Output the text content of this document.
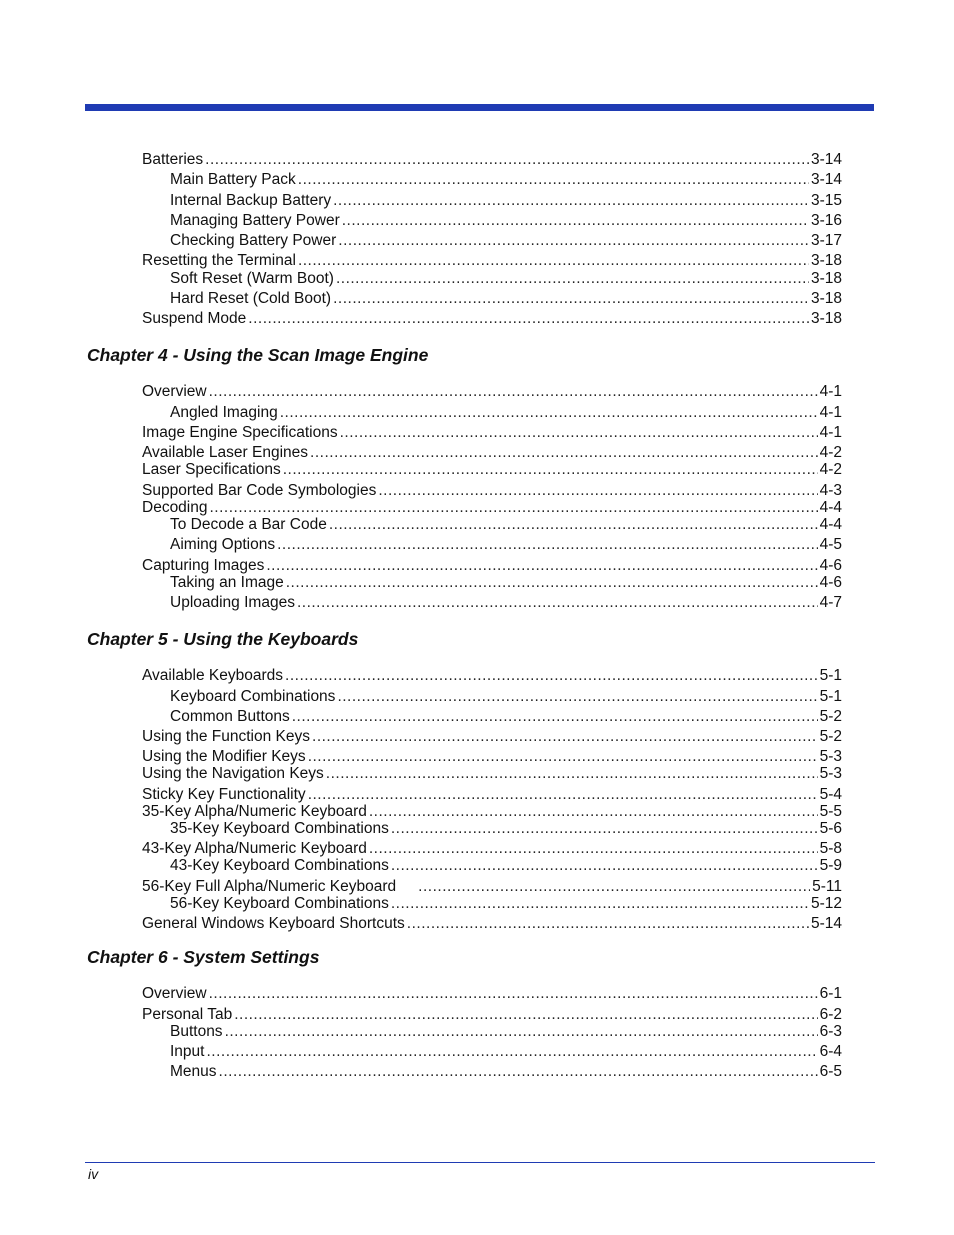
Batteries .....	3-14
Main Battery Pack .....	3-14
Internal Backup Battery .....	3-15
Managing Battery Power .....	3-16
Checking Battery Power .....	3-17
Resetting the Terminal .....	3-18
Soft Reset (Warm Boot) .....	3-18
Hard Reset (Cold Boot) .....	3-18
Suspend Mode .....	3-18
Chapter 4 - Using the Scan Image Engine
Overview .....	4-1
Angled Imaging .....	4-1
Image Engine Specifications .....	4-1
Available Laser Engines .....	4-2
Laser Specifications .....	4-2
Supported Bar Code Symbologies .....	4-3
Decoding .....	4-4
To Decode a Bar Code .....	4-4
Aiming Options .....	4-5
Capturing Images .....	4-6
Taking an Image .....	4-6
Uploading Images .....	4-7
Chapter 5 - Using the Keyboards
Available Keyboards .....	5-1
Keyboard Combinations .....	5-1
Common Buttons .....	5-2
Using the Function Keys .....	5-2
Using the Modifier Keys .....	5-3
Using the Navigation Keys .....	5-3
Sticky Key Functionality .....	5-4
35-Key Alpha/Numeric Keyboard .....	5-5
35-Key Keyboard Combinations .....	5-6
43-Key Alpha/Numeric Keyboard .....	5-8
43-Key Keyboard Combinations .....	5-9
56-Key Full Alpha/Numeric Keyboard .....	5-11
56-Key Keyboard Combinations .....	5-12
General Windows Keyboard Shortcuts .....	5-14
Chapter 6 - System Settings
Overview .....	6-1
Personal Tab .....	6-2
Buttons .....	6-3
Input .....	6-4
Menus .....	6-5
iv
